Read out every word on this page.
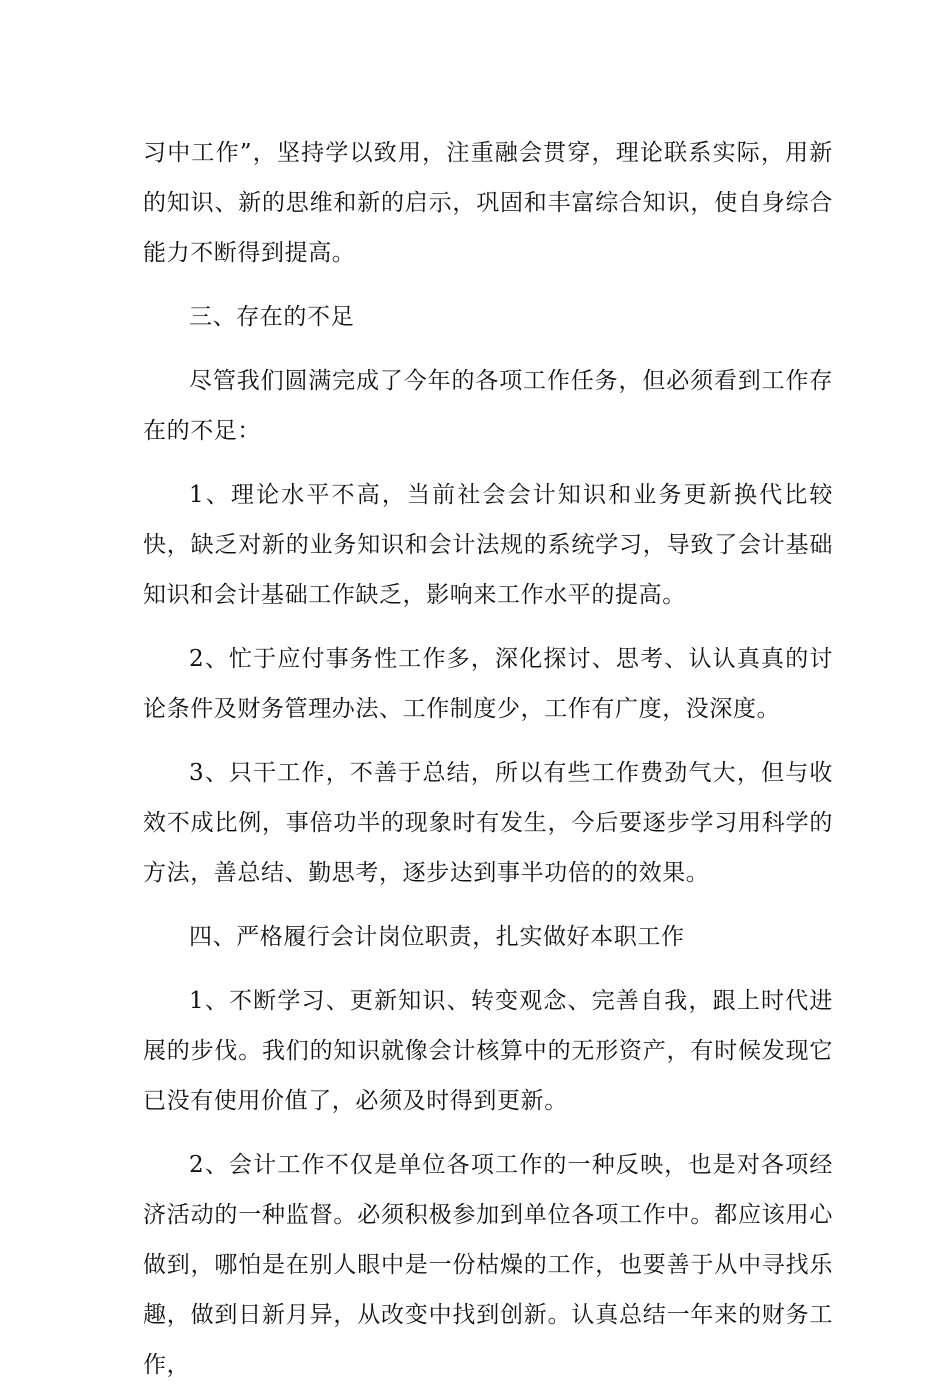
习中工作”，坚持学以致用，注重融会贯穿，理论联系实际，用新的知识、新的思维和新的启示，巩固和丰富综合知识，使自身综合能力不断得到提高。

三、存在的不足

尽管我们圆满完成了今年的各项工作任务，但必须看到工作存在的不足：

1、理论水平不高，当前社会会计知识和业务更新换代比较快，缺乏对新的业务知识和会计法规的系统学习，导致了会计基础知识和会计基础工作缺乏，影响来工作水平的提高。

2、忙于应付事务性工作多，深化探讨、思考、认认真真的讨论条件及财务管理办法、工作制度少，工作有广度，没深度。

3、只干工作，不善于总结，所以有些工作费劲气大，但与收效不成比例，事倍功半的现象时有发生，今后要逐步学习用科学的方法，善总结、勤思考，逐步达到事半功倍的的效果。

四、严格履行会计岗位职责，扎实做好本职工作

1、不断学习、更新知识、转变观念、完善自我，跟上时代进展的步伐。我们的知识就像会计核算中的无形资产，有时候发现它已没有使用价值了，必须及时得到更新。

2、会计工作不仅是单位各项工作的一种反映，也是对各项经济活动的一种监督。必须积极参加到单位各项工作中。都应该用心做到，哪怕是在别人眼中是一份枯燥的工作，也要善于从中寻找乐趣，做到日新月异，从改变中找到创新。认真总结一年来的财务工作，
